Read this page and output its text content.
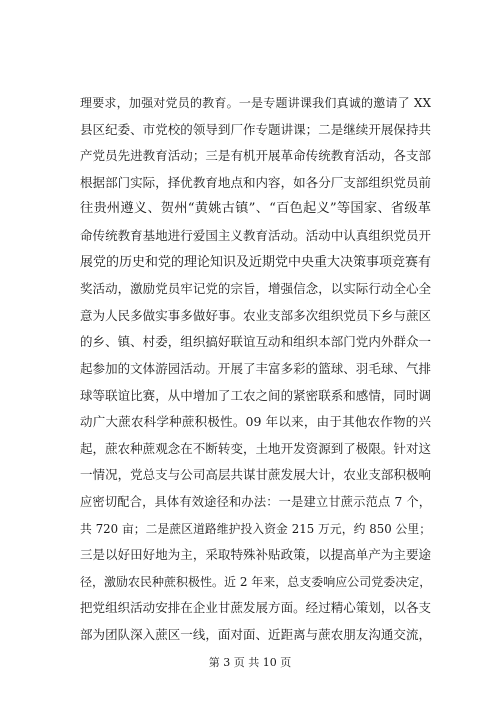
理要求，加强对党员的教育。一是专题讲课我们真诚的邀请了 XX
县区纪委、市党校的领导到厂作专题讲课；二是继续开展保持共
产党员先进教育活动；三是有机开展革命传统教育活动，各支部
根据部门实际，择优教育地点和内容，如各分厂支部组织党员前
往贵州遵义、贺州“黄姚古镇”、“百色起义”等国家、省级革
命传统教育基地进行爱国主义教育活动。活动中认真组织党员开
展党的历史和党的理论知识及近期党中央重大决策事项竞赛有
奖活动，激励党员牢记党的宗旨，增强信念，以实际行动全心全
意为人民多做实事多做好事。农业支部多次组织党员下乡与蔗区
的乡、镇、村委，组织搞好联谊互动和组织本部门党内外群众一
起参加的文体游园活动。开展了丰富多彩的篮球、羽毛球、气排
球等联谊比赛，从中增加了工农之间的紧密联系和感情，同时调
动广大蔗农科学种蔗积极性。09 年以来，由于其他农作物的兴
起，蔗农种蔗观念在不断转变，土地开发资源到了极限。针对这
一情况，党总支与公司高层共谋甘蔗发展大计，农业支部积极响
应密切配合，具体有效途径和办法：一是建立甘蔗示范点 7 个，
共 720 亩；二是蔗区道路维护投入资金 215 万元，约 850 公里；
三是以好田好地为主，采取特殊补贴政策，以提高单产为主要途
径，激励农民种蔗积极性。近 2 年来，总支委响应公司党委决定，
把党组织活动安排在企业甘蔗发展方面。经过精心策划，以各支
部为团队深入蔗区一线，面对面、近距离与蔗农朋友沟通交流，
第 3 页 共 10 页
